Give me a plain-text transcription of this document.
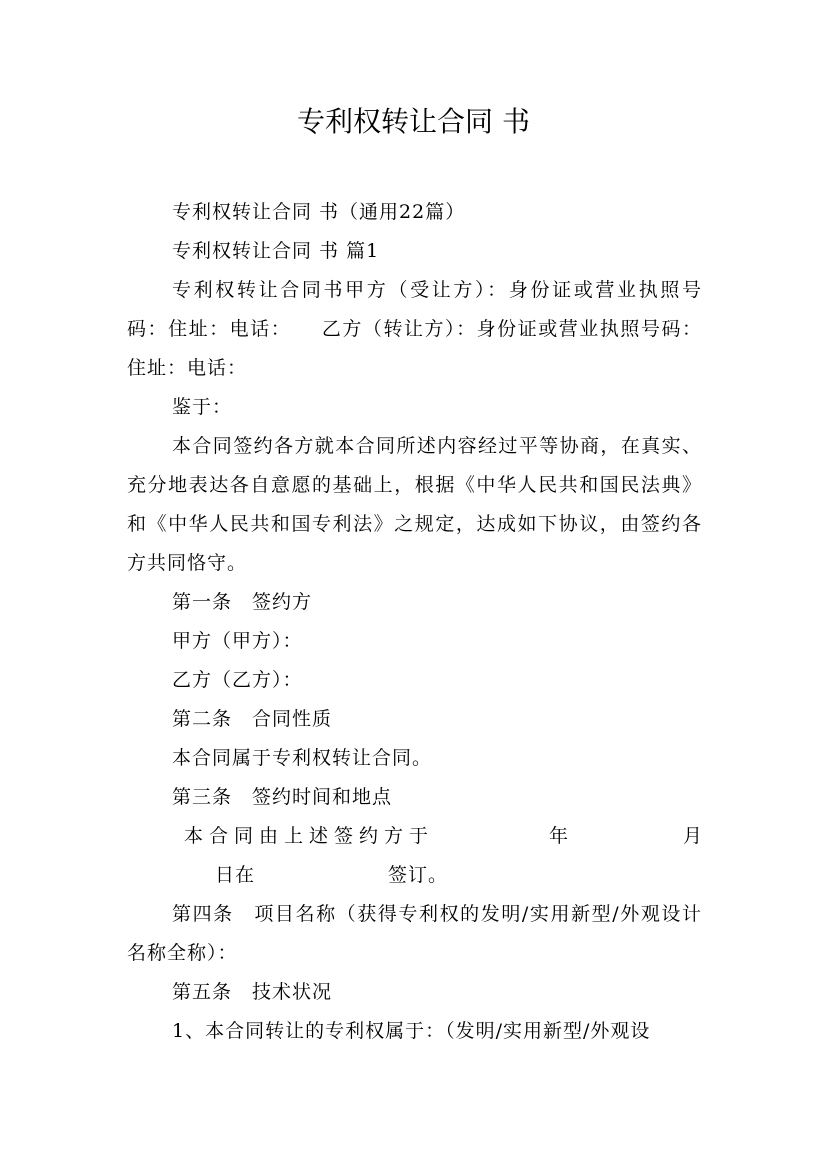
专利权转让合同 书

专利权转让合同 书（通用22篇）

专利权转让合同 书 篇1

专利权转让合同书甲方（受让方）：身份证或营业执照号码：住址：电话： 乙方（转让方）：身份证或营业执照号码：住址：电话：

鉴于：

本合同签约各方就本合同所述内容经过平等协商，在真实、充分地表达各自意愿的基础上，根据《中华人民共和国民法典》和《中华人民共和国专利法》之规定，达成如下协议，由签约各方共同恪守。

第一条　签约方

甲方（甲方）：

乙方（乙方）：

第二条　合同性质

本合同属于专利权转让合同。

第三条　签约时间和地点

本合同由上述签约方于	年	月
日在	签订。

第四条　项目名称（获得专利权的发明/实用新型/外观设计名称全称）：

第五条　技术状况

1、本合同转让的专利权属于：（发明/实用新型/外观设
